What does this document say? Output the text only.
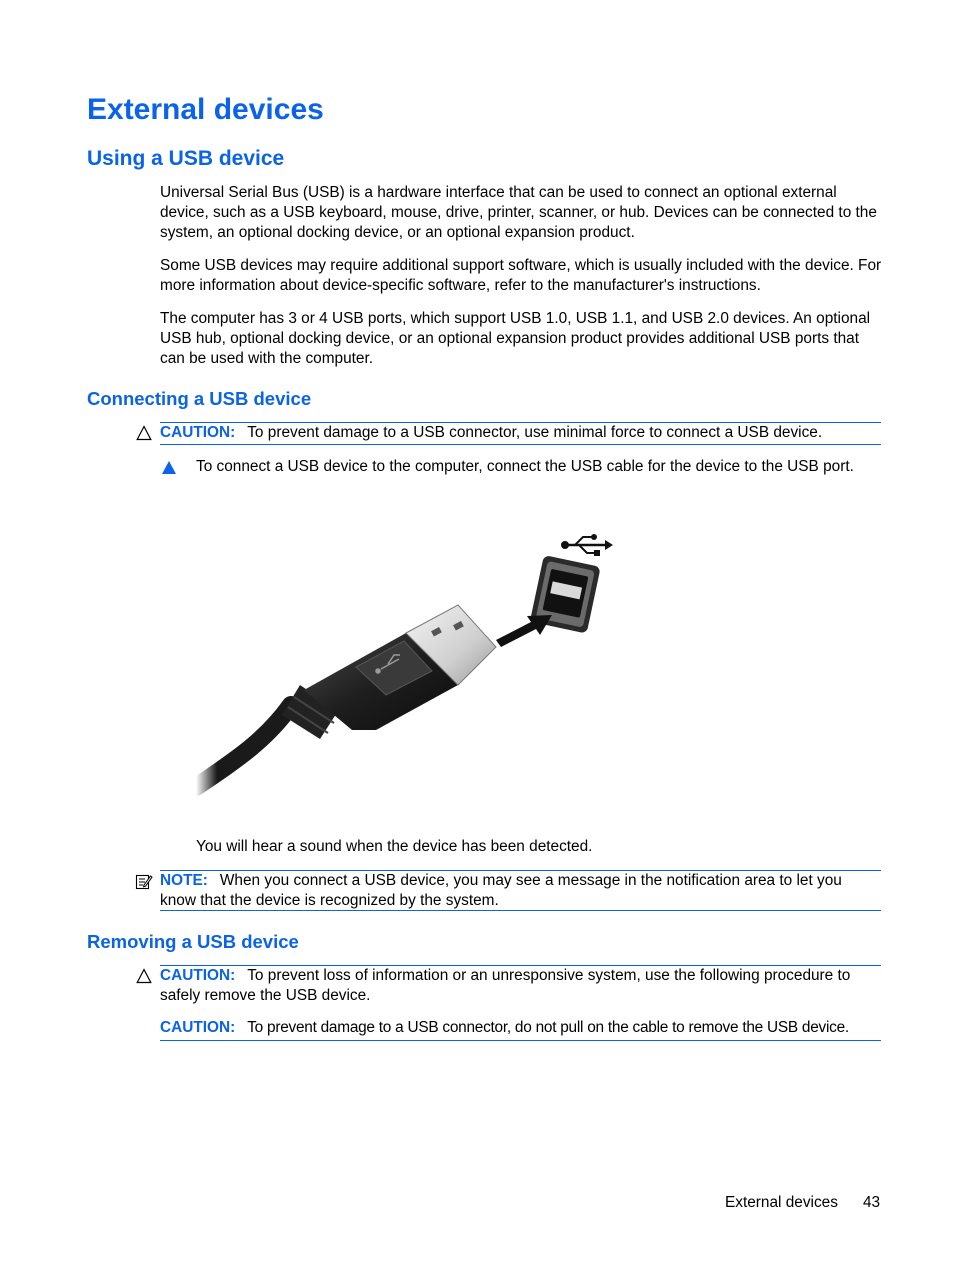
External devices
Using a USB device

Universal Serial Bus (USB) is a hardware interface that can be used to connect an optional external device, such as a USB keyboard, mouse, drive, printer, scanner, or hub. Devices can be connected to the system, an optional docking device, or an optional expansion product.

Some USB devices may require additional support software, which is usually included with the device. For more information about device-specific software, refer to the manufacturer's instructions.

The computer has 3 or 4 USB ports, which support USB 1.0, USB 1.1, and USB 2.0 devices. An optional USB hub, optional docking device, or an optional expansion product provides additional USB ports that can be used with the computer.

Connecting a USB device
CAUTION: To prevent damage to a USB connector, use minimal force to connect a USB device.

To connect a USB device to the computer, connect the USB cable for the device to the USB port.

You will hear a sound when the device has been detected.

NOTE: When you connect a USB device, you may see a message in the notification area to let you know that the device is recognized by the system.
Removing a USB device
CAUTION: To prevent loss of information or an unresponsive system, use the following procedure to safely remove the USB device.
CAUTION: To prevent damage to a USB connector, do not pull on the cable to remove the USB device.
External devices 43
